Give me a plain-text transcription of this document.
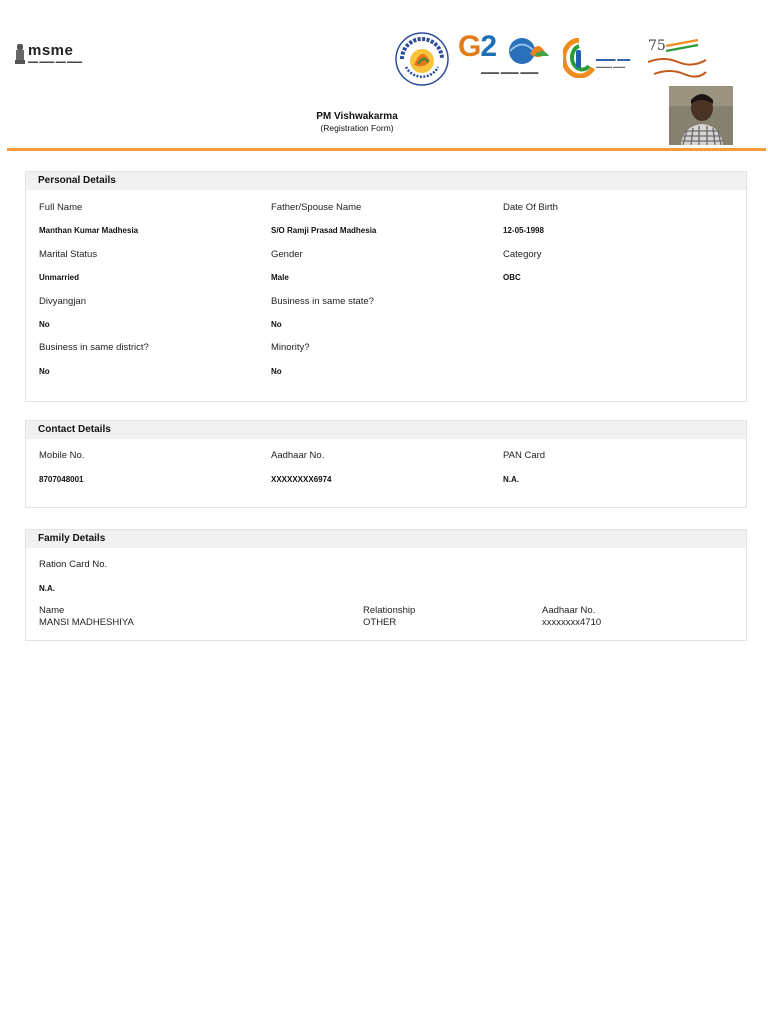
msme
▬▬ ▬▬▬ ▬▬ ▬▬▬	G2
▬▬▬ ▬▬▬ ▬▬▬
▬▬▬ ▬▬
▬▬▬▬ ▬▬▬
75
PM Vishwakarma
(Registration Form)
Personal Details
Full Name	Father/Spouse Name	Date Of Birth
Manthan Kumar Madhesia	S/O Ramji Prasad Madhesia	12-05-1998
Marital Status	Gender	Category
Unmarried	Male	OBC
Divyangjan	Business in same state?
No	No
Business in same district?	Minority?
No	No
Contact Details
Mobile No.	Aadhaar No.	PAN Card
8707048001	XXXXXXXX6974	N.A.
Family Details
Ration Card No.
N.A.
Name	Relationship	Aadhaar No.
MANSI MADHESHIYA	OTHER	xxxxxxxx4710
